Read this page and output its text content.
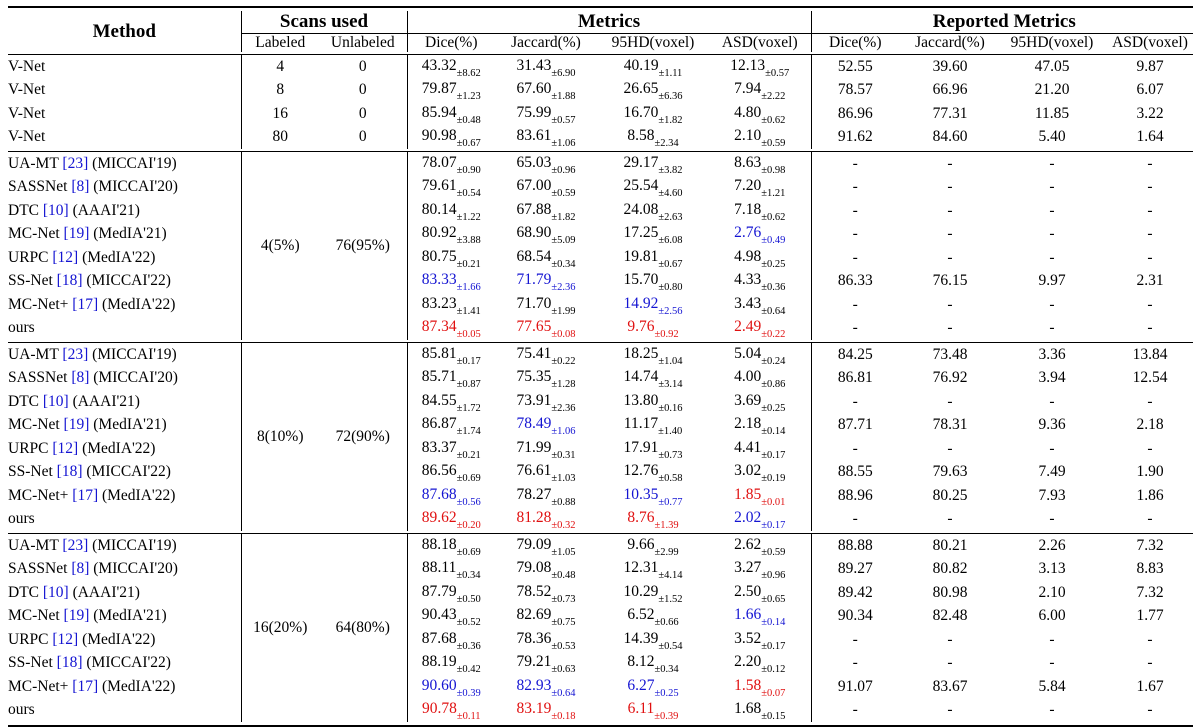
Method	Scans used		Metrics				Reported Metrics			
	Labeled	Unlabeled	Dice(%)	Jaccard(%)	95HD(voxel)	ASD(voxel)	Dice(%)	Jaccard(%)	95HD(voxel)	ASD(voxel)

V-Net	4	0	$43.32_{\pm 8.62}$	$31.43_{\pm 6.90}$	$40.19_{\pm 1.11}$	$12.13_{\pm 0.57}$	52.55	39.60	47.05	9.87
V-Net	8	0	$79.87_{\pm 1.23}$	$67.60_{\pm 1.88}$	$26.65_{\pm 6.36}$	$7.94_{\pm 2.22}$	78.57	66.96	21.20	6.07
V-Net	16	0	$85.94_{\pm 0.48}$	$75.99_{\pm 0.57}$	$16.70_{\pm 1.82}$	$4.80_{\pm 0.62}$	86.96	77.31	11.85	3.22
V-Net	80	0	$90.98_{\pm 0.67}$	$83.61_{\pm 1.06}$	$8.58_{\pm 2.34}$	$2.10_{\pm 0.59}$	91.62	84.60	5.40	1.64

UA-MT [23] (MICCAI'19)	4(5%)	76(95%)	$78.07_{\pm 0.90}$	$65.03_{\pm 0.96}$	$29.17_{\pm 3.82}$	$8.63_{\pm 0.98}$	-	-	-	-
SASSNet [8] (MICCAI'20)			$79.61_{\pm 0.54}$	$67.00_{\pm 0.59}$	$25.54_{\pm 4.60}$	$7.20_{\pm 1.21}$	-	-	-	-
DTC [10] (AAAI'21)			$80.14_{\pm 1.22}$	$67.88_{\pm 1.82}$	$24.08_{\pm 2.63}$	$7.18_{\pm 0.62}$	-	-	-	-
MC-Net [19] (MedIA'21)			$80.92_{\pm 3.88}$	$68.90_{\pm 5.09}$	$17.25_{\pm 6.08}$	$2.76_{\pm 0.49}$	-	-	-	-
URPC [12] (MedIA'22)			$80.75_{\pm 0.21}$	$68.54_{\pm 0.34}$	$19.81_{\pm 0.67}$	$4.98_{\pm 0.25}$	-	-	-	-
SS-Net [18] (MICCAI'22)			$83.33_{\pm 1.66}$	$71.79_{\pm 2.36}$	$15.70_{\pm 0.80}$	$4.33_{\pm 0.36}$	86.33	76.15	9.97	2.31
MC-Net+ [17] (MedIA'22)			$83.23_{\pm 1.41}$	$71.70_{\pm 1.99}$	$14.92_{\pm 2.56}$	$3.43_{\pm 0.64}$	-	-	-	-
ours			$87.34_{\pm 0.05}$	$77.65_{\pm 0.08}$	$9.76_{\pm 0.92}$	$2.49_{\pm 0.22}$	-	-	-	-

UA-MT [23] (MICCAI'19)	8(10%)	72(90%)	$85.81_{\pm 0.17}$	$75.41_{\pm 0.22}$	$18.25_{\pm 1.04}$	$5.04_{\pm 0.24}$	84.25	73.48	3.36	13.84
SASSNet [8] (MICCAI'20)			$85.71_{\pm 0.87}$	$75.35_{\pm 1.28}$	$14.74_{\pm 3.14}$	$4.00_{\pm 0.86}$	86.81	76.92	3.94	12.54
DTC [10] (AAAI'21)			$84.55_{\pm 1.72}$	$73.91_{\pm 2.36}$	$13.80_{\pm 0.16}$	$3.69_{\pm 0.25}$	-	-	-	-
MC-Net [19] (MedIA'21)			$86.87_{\pm 1.74}$	$78.49_{\pm 1.06}$	$11.17_{\pm 1.40}$	$2.18_{\pm 0.14}$	87.71	78.31	9.36	2.18
URPC [12] (MedIA'22)			$83.37_{\pm 0.21}$	$71.99_{\pm 0.31}$	$17.91_{\pm 0.73}$	$4.41_{\pm 0.17}$	-	-	-	-
SS-Net [18] (MICCAI'22)			$86.56_{\pm 0.69}$	$76.61_{\pm 1.03}$	$12.76_{\pm 0.58}$	$3.02_{\pm 0.19}$	88.55	79.63	7.49	1.90
MC-Net+ [17] (MedIA'22)			$87.68_{\pm 0.56}$	$78.27_{\pm 0.88}$	$10.35_{\pm 0.77}$	$1.85_{\pm 0.01}$	88.96	80.25	7.93	1.86
ours			$89.62_{\pm 0.20}$	$81.28_{\pm 0.32}$	$8.76_{\pm 1.39}$	$2.02_{\pm 0.17}$	-	-	-	-

UA-MT [23] (MICCAI'19)	16(20%)	64(80%)	$88.18_{\pm 0.69}$	$79.09_{\pm 1.05}$	$9.66_{\pm 2.99}$	$2.62_{\pm 0.59}$	88.88	80.21	2.26	7.32
SASSNet [8] (MICCAI'20)			$88.11_{\pm 0.34}$	$79.08_{\pm 0.48}$	$12.31_{\pm 4.14}$	$3.27_{\pm 0.96}$	89.27	80.82	3.13	8.83
DTC [10] (AAAI'21)			$87.79_{\pm 0.50}$	$78.52_{\pm 0.73}$	$10.29_{\pm 1.52}$	$2.50_{\pm 0.65}$	89.42	80.98	2.10	7.32
MC-Net [19] (MedIA'21)			$90.43_{\pm 0.52}$	$82.69_{\pm 0.75}$	$6.52_{\pm 0.66}$	$1.66_{\pm 0.14}$	90.34	82.48	6.00	1.77
URPC [12] (MedIA'22)			$87.68_{\pm 0.36}$	$78.36_{\pm 0.53}$	$14.39_{\pm 0.54}$	$3.52_{\pm 0.17}$	-	-	-	-
SS-Net [18] (MICCAI'22)			$88.19_{\pm 0.42}$	$79.21_{\pm 0.63}$	$8.12_{\pm 0.34}$	$2.20_{\pm 0.12}$	-	-	-	-
MC-Net+ [17] (MedIA'22)			$90.60_{\pm 0.39}$	$82.93_{\pm 0.64}$	$6.27_{\pm 0.25}$	$1.58_{\pm 0.07}$	91.07	83.67	5.84	1.67
ours			$90.78_{\pm 0.11}$	$83.19_{\pm 0.18}$	$6.11_{\pm 0.39}$	$1.68_{\pm 0.15}$	-	-	-	-
